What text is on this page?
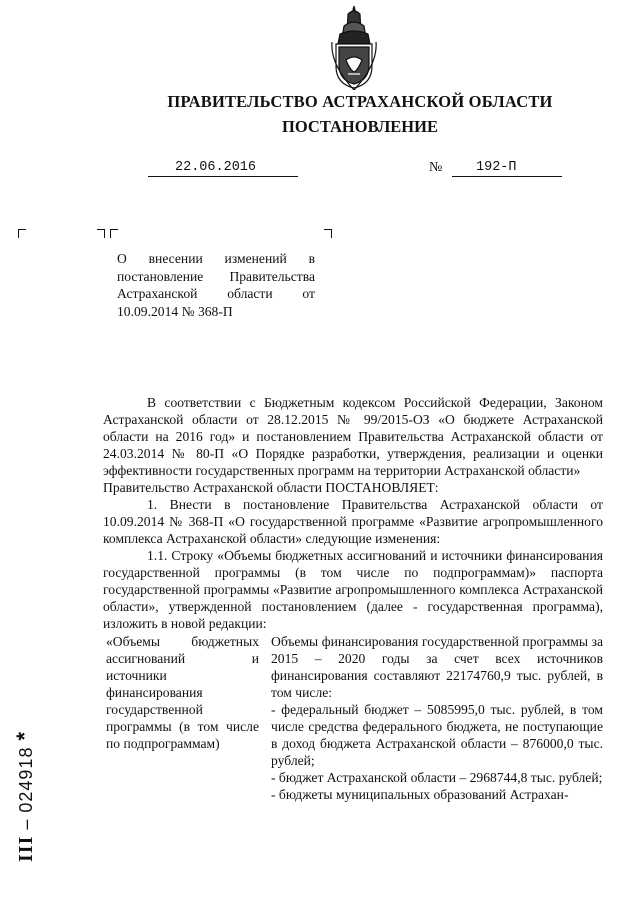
ПРАВИТЕЛЬСТВО АСТРАХАНСКОЙ ОБЛАСТИ
ПОСТАНОВЛЕНИЕ
22.06.2016	№ 192-П
О внесении изменений в постановление Правительства Астраханской области от 10.09.2014 № 368-П

В соответствии с Бюджетным кодексом Российской Федерации, Законом Астраханской области от 28.12.2015 № 99/2015-ОЗ «О бюджете Астраханской области на 2016 год» и постановлением Правительства Астраханской области от 24.03.2014 № 80-П «О Порядке разработки, утверждения, реализации и оценки эффективности государственных программ на территории Астраханской области»

Правительство Астраханской области ПОСТАНОВЛЯЕТ:

1. Внести в постановление Правительства Астраханской области от 10.09.2014 № 368-П «О государственной программе «Развитие агропромышленного комплекса Астраханской области» следующие изменения:

1.1. Строку «Объемы бюджетных ассигнований и источники финансирования государственной программы (в том числе по подпрограммам)» паспорта государственной программы «Развитие агропромышленного комплекса Астраханской области», утвержденной постановлением (далее - государственная программа), изложить в новой редакции:

«Объемы бюджетных ассигнований и источники финансирования государственной программы (в том числе по подпрограммам)

Объемы финансирования государственной программы за 2015 – 2020 годы за счет всех источников финансирования составляют 22174760,9 тыс. рублей, в том числе:

- федеральный бюджет – 5085995,0 тыс. рублей, в том числе средства федерального бюджета, не поступающие в доход бюджета Астраханской области – 876000,0 тыс. рублей;

- бюджет Астраханской области – 2968744,8 тыс. рублей;

- бюджеты муниципальных образований Астрахан-

III – 024918 *
